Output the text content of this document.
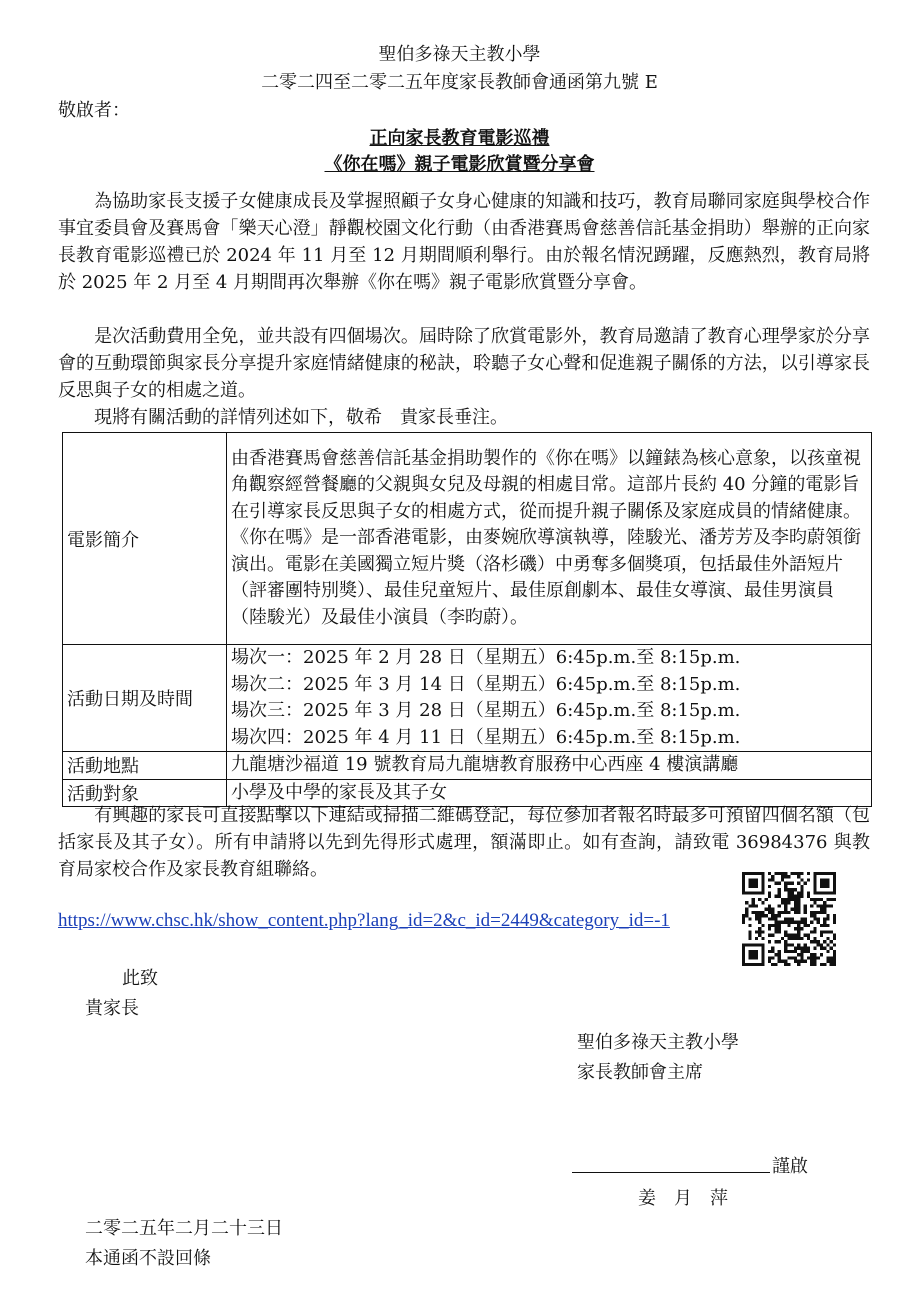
聖伯多祿天主教小學
二零二四至二零二五年度家長教師會通函第九號 E
敬啟者：
正向家長教育電影巡禮
《你在嗎》親子電影欣賞暨分享會
　　為協助家長支援子女健康成長及掌握照顧子女身心健康的知識和技巧，教育局聯同家庭與學校合作事宜委員會及賽馬會「樂天心澄」靜觀校園文化行動（由香港賽馬會慈善信託基金捐助）舉辦的正向家長教育電影巡禮已於 2024 年 11 月至 12 月期間順利舉行。由於報名情況踴躍，反應熱烈，教育局將於 2025 年 2 月至 4 月期間再次舉辦《你在嗎》親子電影欣賞暨分享會。
　　是次活動費用全免，並共設有四個場次。屆時除了欣賞電影外，教育局邀請了教育心理學家於分享會的互動環節與家長分享提升家庭情緒健康的秘訣，聆聽子女心聲和促進親子關係的方法，以引導家長反思與子女的相處之道。
　　現將有關活動的詳情列述如下，敬希　貴家長垂注。
電影簡介	由香港賽馬會慈善信託基金捐助製作的《你在嗎》以鐘錶為核心意象，以孩童視角觀察經營餐廳的父親與女兒及母親的相處目常。這部片長約 40 分鐘的電影旨在引導家長反思與子女的相處方式，從而提升親子關係及家庭成員的情緒健康。
《你在嗎》是一部香港電影，由麥婉欣導演執導，陸駿光、潘芳芳及李昀蔚領銜演出。電影在美國獨立短片獎（洛杉磯）中勇奪多個獎項，包括最佳外語短片（評審團特別獎）、最佳兒童短片、最佳原創劇本、最佳女導演、最佳男演員（陸駿光）及最佳小演員（李昀蔚）。

活動日期及時間	場次一：2025 年 2 月 28 日（星期五）6:45p.m.至 8:15p.m.
場次二：2025 年 3 月 14 日（星期五）6:45p.m.至 8:15p.m.
場次三：2025 年 3 月 28 日（星期五）6:45p.m.至 8:15p.m.
場次四：2025 年 4 月 11 日（星期五）6:45p.m.至 8:15p.m.

活動地點	九龍塘沙福道 19 號教育局九龍塘教育服務中心西座 4 樓演講廳
活動對象	小學及中學的家長及其子女
　　有興趣的家長可直接點擊以下連結或掃描二維碼登記，每位參加者報名時最多可預留四個名額（包括家長及其子女）。所有申請將以先到先得形式處理，額滿即止。如有查詢，請致電 36984376 與教育局家校合作及家長教育組聯絡。
https://www.chsc.hk/show_content.php?lang_id=2&c_id=2449&category_id=-1
此致
貴家長
聖伯多祿天主教小學
家長教師會主席
謹啟
姜　月　萍
二零二五年二月二十三日
本通函不設回條
